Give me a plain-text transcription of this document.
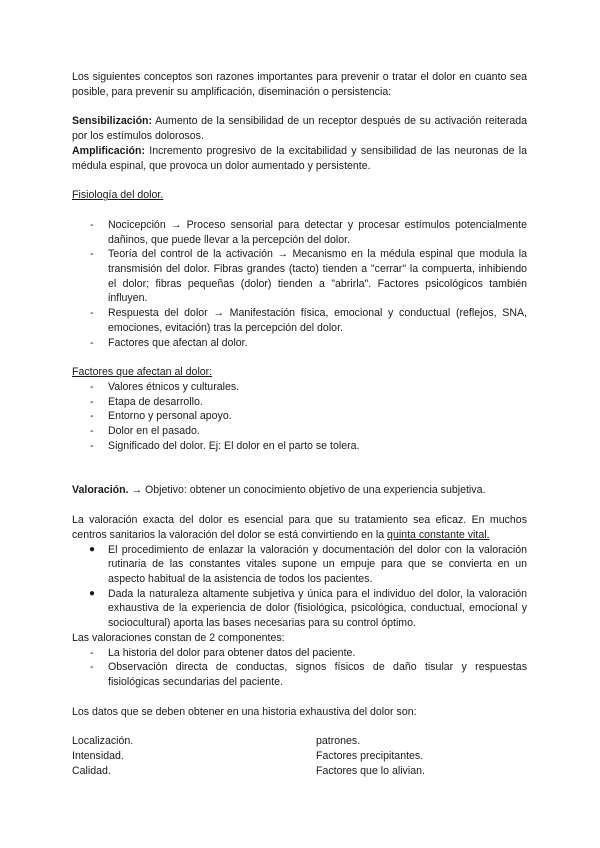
Los siguientes conceptos son razones importantes para prevenir o tratar el dolor en cuanto sea posible, para prevenir su amplificación, diseminación o persistencia:

Sensibilización: Aumento de la sensibilidad de un receptor después de su activación reiterada por los estímulos dolorosos.

Amplificación: Incremento progresivo de la excitabilidad y sensibilidad de las neuronas de la médula espinal, que provoca un dolor aumentado y persistente.

Fisiología del dolor.

- Nocicepción → Proceso sensorial para detectar y procesar estímulos potencialmente dañinos, que puede llevar a la percepción del dolor.
- Teoría del control de la activación → Mecanismo en la médula espinal que modula la transmisión del dolor. Fibras grandes (tacto) tienden a "cerrar" la compuerta, inhibiendo el dolor; fibras pequeñas (dolor) tienden a "abrirla". Factores psicológicos también influyen.
- Respuesta del dolor → Manifestación física, emocional y conductual (reflejos, SNA, emociones, evitación) tras la percepción del dolor.
- Factores que afectan al dolor.

Factores que afectan al dolor:

- Valores étnicos y culturales.
- Etapa de desarrollo.
- Entorno y personal apoyo.
- Dolor en el pasado.
- Significado del dolor. Ej: El dolor en el parto se tolera.

Valoración. → Objetivo: obtener un conocimiento objetivo de una experiencia subjetiva.

La valoración exacta del dolor es esencial para que su tratamiento sea eficaz. En muchos centros sanitarios la valoración del dolor se está convirtiendo en la quinta constante vital.

● El procedimiento de enlazar la valoración y documentación del dolor con la valoración rutinaria de las constantes vitales supone un empuje para que se convierta en un aspecto habitual de la asistencia de todos los pacientes.
● Dada la naturaleza altamente subjetiva y única para el individuo del dolor, la valoración exhaustiva de la experiencia de dolor (fisiológica, psicológica, conductual, emocional y sociocultural) aporta las bases necesarias para su control óptimo.

Las valoraciones constan de 2 componentes:

- La historia del dolor para obtener datos del paciente.
- Observación directa de conductas, signos físicos de daño tisular y respuestas fisiológicas secundarias del paciente.

Los datos que se deben obtener en una historia exhaustiva del dolor son:

Localización.

Intensidad.

Calidad.

patrones.

Factores precipitantes.

Factores que lo alivian.
